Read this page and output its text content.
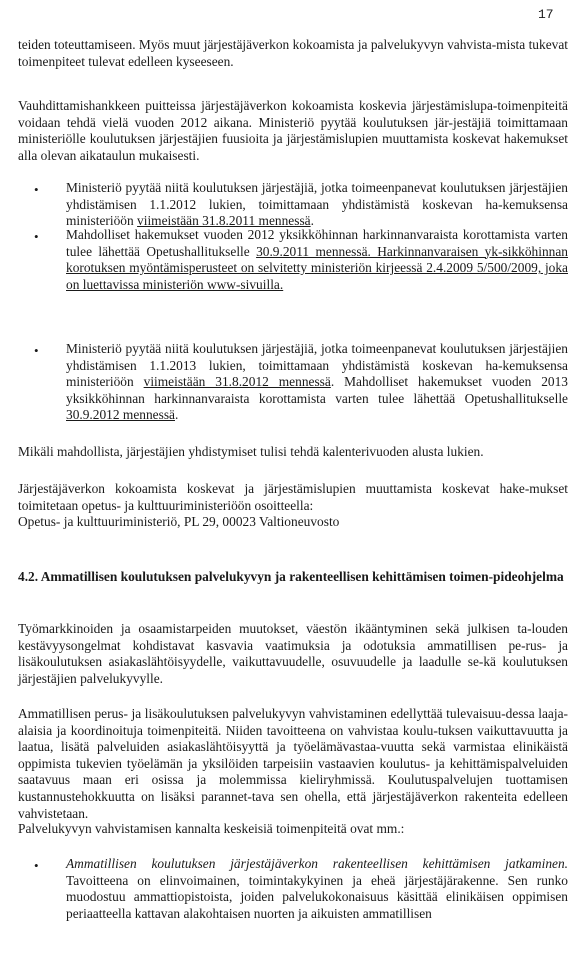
17

teiden toteuttamiseen. Myös muut järjestäjäverkon kokoamista ja palvelukyvyn vahvista-mista tukevat toimenpiteet tulevat edelleen kyseeseen.

Vauhdittamishankkeen puitteissa järjestäjäverkon kokoamista koskevia järjestämislupa-toimenpiteitä voidaan tehdä vielä vuoden 2012 aikana. Ministeriö pyytää koulutuksen jär-jestäjiä toimittamaan ministeriölle koulutuksen järjestäjien fuusioita ja järjestämislupien muuttamista koskevat hakemukset alla olevan aikataulun mukaisesti.

• Ministeriö pyytää niitä koulutuksen järjestäjiä, jotka toimeenpanevat koulutuksen järjestäjien yhdistämisen 1.1.2012 lukien, toimittamaan yhdistämistä koskevan ha-kemuksensa ministeriöön viimeistään 31.8.2011 mennessä.

• Mahdolliset hakemukset vuoden 2012 yksikköhinnan harkinnanvaraista korottamista varten tulee lähettää Opetushallitukselle 30.9.2011 mennessä. Harkinnanvaraisen yk-sikköhinnan korotuksen myöntämisperusteet on selvitetty ministeriön kirjeessä 2.4.2009 5/500/2009, joka on luettavissa ministeriön www-sivuilla.

• Ministeriö pyytää niitä koulutuksen järjestäjiä, jotka toimeenpanevat koulutuksen järjestäjien yhdistämisen 1.1.2013 lukien, toimittamaan yhdistämistä koskevan ha-kemuksensa ministeriöön viimeistään 31.8.2012 mennessä. Mahdolliset hakemukset vuoden 2013 yksikköhinnan harkinnanvaraista korottamista varten tulee lähettää Opetushallitukselle 30.9.2012 mennessä.

Mikäli mahdollista, järjestäjien yhdistymiset tulisi tehdä kalenterivuoden alusta lukien.

Järjestäjäverkon kokoamista koskevat ja järjestämislupien muuttamista koskevat hake-mukset toimitetaan opetus- ja kulttuuriministeriöön osoitteella:

Opetus- ja kulttuuriministeriö, PL 29, 00023 Valtioneuvosto

4.2. Ammatillisen koulutuksen palvelukyvyn ja rakenteellisen kehittämisen toimen-pideohjelma

Työmarkkinoiden ja osaamistarpeiden muutokset, väestön ikääntyminen sekä julkisen ta-louden kestävyysongelmat kohdistavat kasvavia vaatimuksia ja odotuksia ammatillisen pe-rus- ja lisäkoulutuksen asiakaslähtöisyydelle, vaikuttavuudelle, osuvuudelle ja laadulle se-kä koulutuksen järjestäjien palvelukyvylle.

Ammatillisen perus- ja lisäkoulutuksen palvelukyvyn vahvistaminen edellyttää tulevaisuu-dessa laaja-alaisia ja koordinoituja toimenpiteitä. Niiden tavoitteena on vahvistaa koulu-tuksen vaikuttavuutta ja laatua, lisätä palveluiden asiakaslähtöisyyttä ja työelämävastaa-vuutta sekä varmistaa elinikäistä oppimista tukevien työelämän ja yksilöiden tarpeisiin vastaavien koulutus- ja kehittämispalveluiden saatavuus maan eri osissa ja molemmissa kieliryhmissä. Koulutuspalvelujen tuottamisen kustannustehokkuutta on lisäksi parannet-tava sen ohella, että järjestäjäverkon rakenteita edelleen vahvistetaan.

Palvelukyvyn vahvistamisen kannalta keskeisiä toimenpiteitä ovat mm.:

• Ammatillisen koulutuksen järjestäjäverkon rakenteellisen kehittämisen jatkaminen. Tavoitteena on elinvoimainen, toimintakykyinen ja eheä järjestäjärakenne. Sen runko muodostuu ammattiopistoista, joiden palvelukokonaisuus käsittää elinikäisen oppimisen periaatteella kattavan alakohtaisen nuorten ja aikuisten ammatillisen
